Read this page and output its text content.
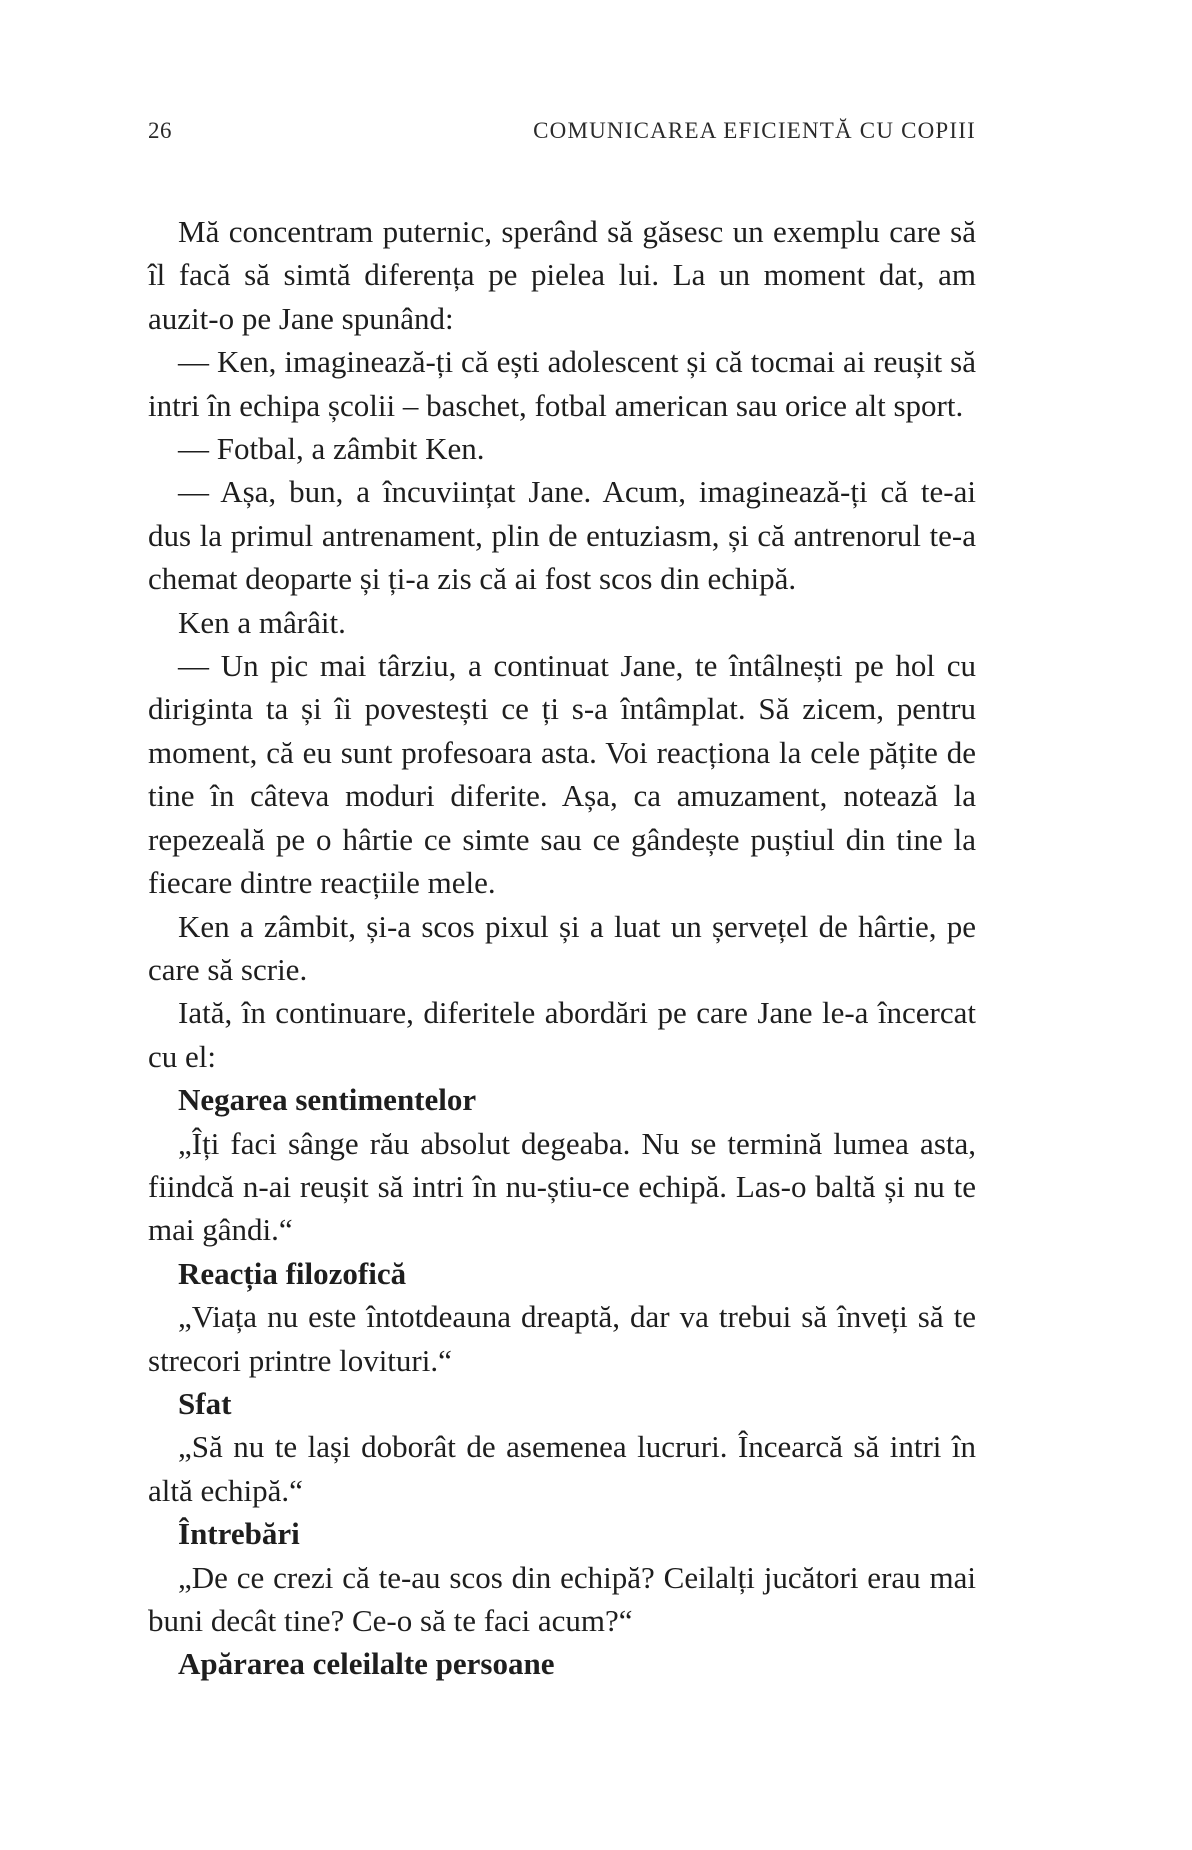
26	COMUNICAREA EFICIENTĂ CU COPIII

Mă concentram puternic, sperând să găsesc un exemplu care să îl facă să simtă diferența pe pielea lui. La un moment dat, am auzit-o pe Jane spunând:

— Ken, imaginează-ți că ești adolescent și că tocmai ai reușit să intri în echipa școlii – baschet, fotbal american sau orice alt sport.

— Fotbal, a zâmbit Ken.

— Așa, bun, a încuviințat Jane. Acum, imaginează-ți că te-ai dus la primul antrenament, plin de entuziasm, și că antrenorul te-a chemat deoparte și ți-a zis că ai fost scos din echipă.

Ken a mârâit.

— Un pic mai târziu, a continuat Jane, te întâlnești pe hol cu diriginta ta și îi povestești ce ți s-a întâmplat. Să zicem, pentru moment, că eu sunt profesoara asta. Voi reacționa la cele pățite de tine în câteva moduri diferite. Așa, ca amuzament, notează la repezeală pe o hârtie ce simte sau ce gândește puștiul din tine la fiecare dintre reacțiile mele.

Ken a zâmbit, și-a scos pixul și a luat un șervețel de hârtie, pe care să scrie.

Iată, în continuare, diferitele abordări pe care Jane le-a încercat cu el:

Negarea sentimentelor

„Îți faci sânge rău absolut degeaba. Nu se termină lumea asta, fiindcă n-ai reușit să intri în nu-știu-ce echipă. Las-o baltă și nu te mai gândi.“

Reacția filozofică

„Viața nu este întotdeauna dreaptă, dar va trebui să înveți să te strecori printre lovituri.“

Sfat

„Să nu te lași doborât de asemenea lucruri. Încearcă să intri în altă echipă.“

Întrebări

„De ce crezi că te-au scos din echipă? Ceilalți jucători erau mai buni decât tine? Ce-o să te faci acum?“

Apărarea celeilalte persoane
